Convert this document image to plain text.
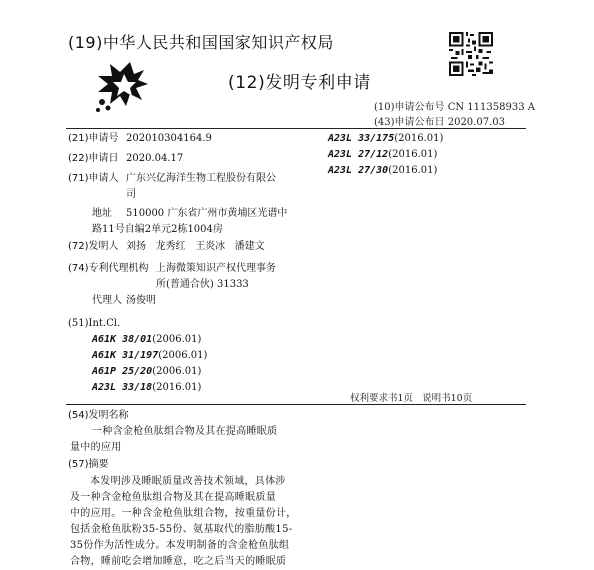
(19)中华人民共和国国家知识产权局
(12)发明专利申请
(10)申请公布号 CN 111358933 A
(43)申请公布日 2020.07.03
(21)申请号 202010304164.9
(22)申请日 2020.04.17
(71)申请人 广东兴亿海洋生物工程股份有限公
司
地址 510000 广东省广州市黄埔区光谱中
路11号自编2单元2栋1004房
(72)发明人 刘扬   龙秀红   王炎冰   潘建文
(74)专利代理机构 上海微策知识产权代理事务
所(普通合伙) 31333
代理人 汤俊明
(51)Int.Cl.
A61K 38/01(2006.01)
A61K 31/197(2006.01)
A61P 25/20(2006.01)
A23L 33/18(2016.01)
A23L 33/175(2016.01)
A23L 27/12(2016.01)
A23L 27/30(2016.01)
权利要求书1页   说明书10页
(54)发明名称
一种含金枪鱼肽组合物及其在提高睡眠质
量中的应用
(57)摘要
本发明涉及睡眠质量改善技术领域，具体涉
及一种含金枪鱼肽组合物及其在提高睡眠质量
中的应用。一种含金枪鱼肽组合物，按重量份计，
包括金枪鱼肽粉35-55份、氨基取代的脂肪酸15-
35份作为活性成分。本发明制备的含金枪鱼肽组
合物，睡前吃会增加睡意，吃之后当天的睡眠质
